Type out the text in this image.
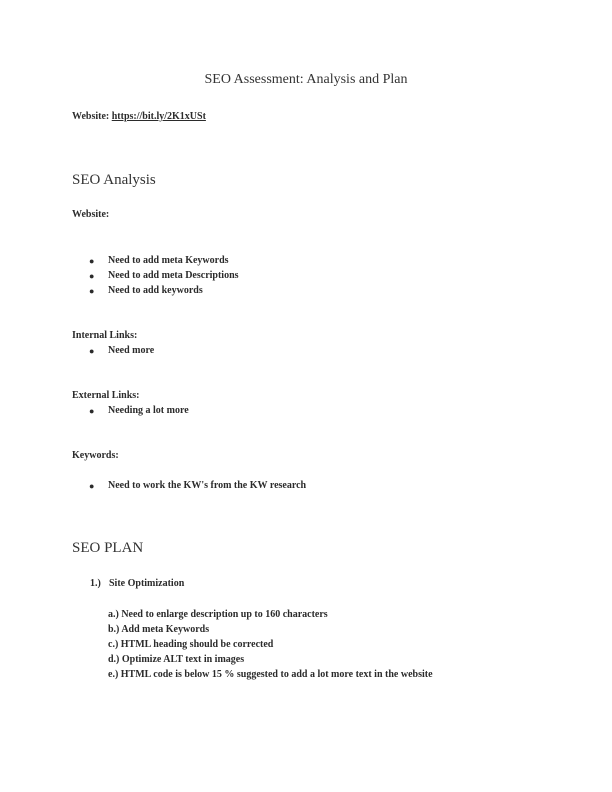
SEO Assessment: Analysis and Plan
Website: https://bit.ly/2K1xUSt
SEO Analysis
Website:
● Need to add meta Keywords
● Need to add meta Descriptions
● Need to add keywords
Internal Links:
● Need more
External Links:
● Needing a lot more
Keywords:
● Need to work the KW's from the KW research
SEO PLAN
1.) Site Optimization
a.) Need to enlarge description up to 160 characters
b.) Add meta Keywords
c.) HTML heading should be corrected
d.) Optimize ALT text in images
e.) HTML code is below 15 % suggested to add a lot more text in the website
